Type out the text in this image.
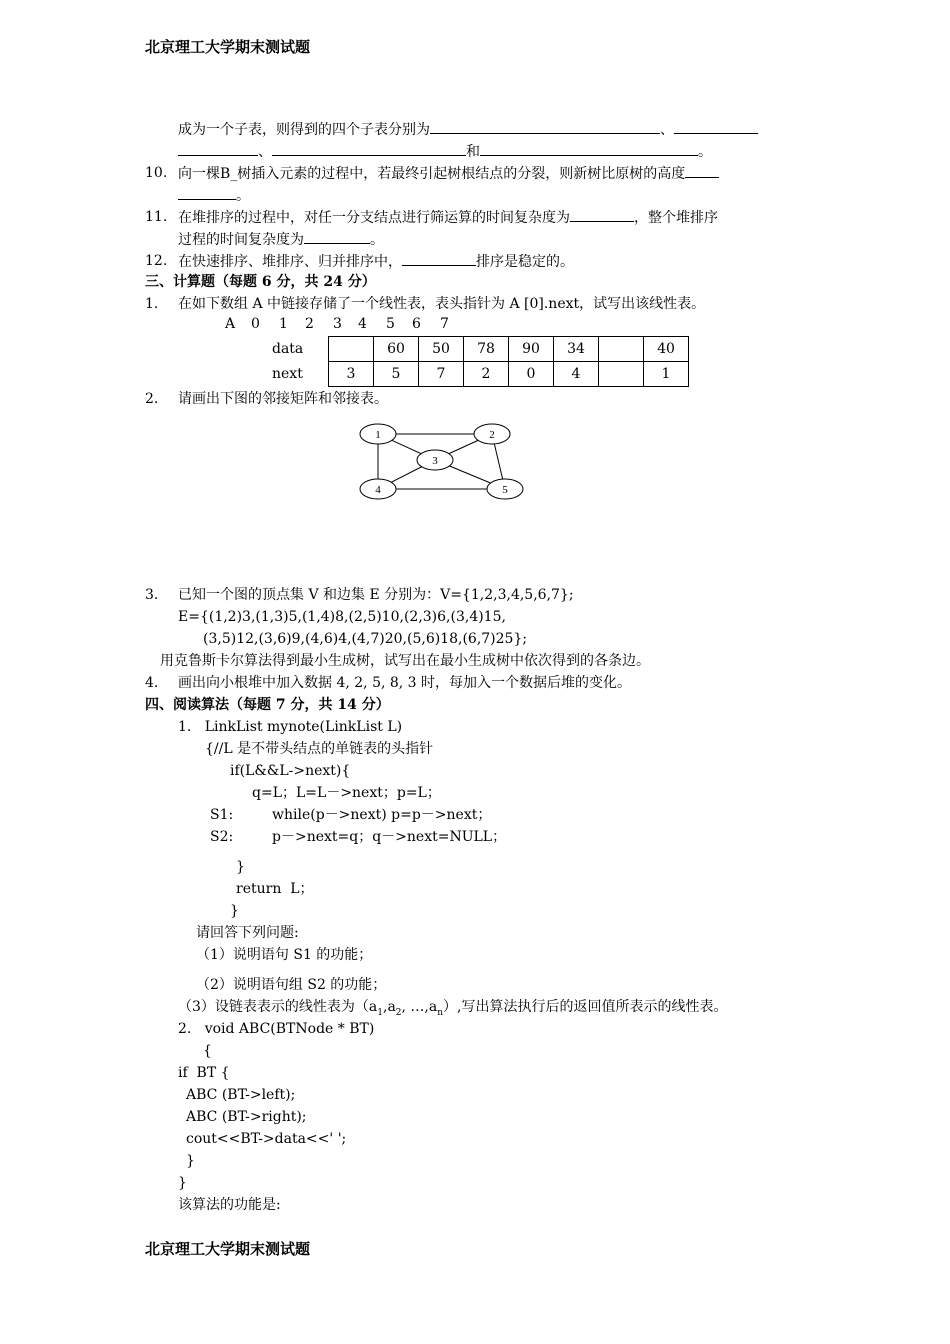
北京理工大学期末测试题
成为一个子表，则得到的四个子表分别为	、
、	和	。
10. 向一棵B_树插入元素的过程中，若最终引起树根结点的分裂，则新树比原树的高度
。
11. 在堆排序的过程中，对任一分支结点进行筛运算的时间复杂度为	，整个堆排序
过程的时间复杂度为	。
12. 在快速排序、堆排序、归并排序中，	排序是稳定的。
三、计算题（每题 6 分，共 24 分）
1. 在如下数组 A 中链接存储了一个线性表，表头指针为 A [0].next，试写出该线性表。
A 0 1 2 3 4 5 6 7
data		60	50	78	90	34		40
next	3	5	7	2	0	4		1
2. 请画出下图的邻接矩阵和邻接表。
1	2
3
4	5
3. 已知一个图的顶点集 V 和边集 E 分别为：V={1,2,3,4,5,6,7};
E={(1,2)3,(1,3)5,(1,4)8,(2,5)10,(2,3)6,(3,4)15,
(3,5)12,(3,6)9,(4,6)4,(4,7)20,(5,6)18,(6,7)25};
用克鲁斯卡尔算法得到最小生成树，试写出在最小生成树中依次得到的各条边。
4. 画出向小根堆中加入数据 4, 2, 5, 8, 3 时，每加入一个数据后堆的变化。
四、阅读算法（每题 7 分，共 14 分）
1.   LinkList mynote(LinkList L)
{//L 是不带头结点的单链表的头指针
if(L&&L->next){
q=L；L=L－>next；p=L；
S1:	while(p－>next) p=p－>next；
S2:	p－>next=q；q－>next=NULL；
}
return  L；
}
请回答下列问题:
（1）说明语句 S1 的功能；
（2）说明语句组 S2 的功能；
（3）设链表表示的线性表为（$a_1,a_2$, $\dots,a_n$）,写出算法执行后的返回值所表示的线性表。
2.   void ABC(BTNode * BT)
{
if  BT {
ABC (BT->left);
ABC (BT->right);
cout<<BT->data<<' ';
}
}
该算法的功能是:
北京理工大学期末测试题
